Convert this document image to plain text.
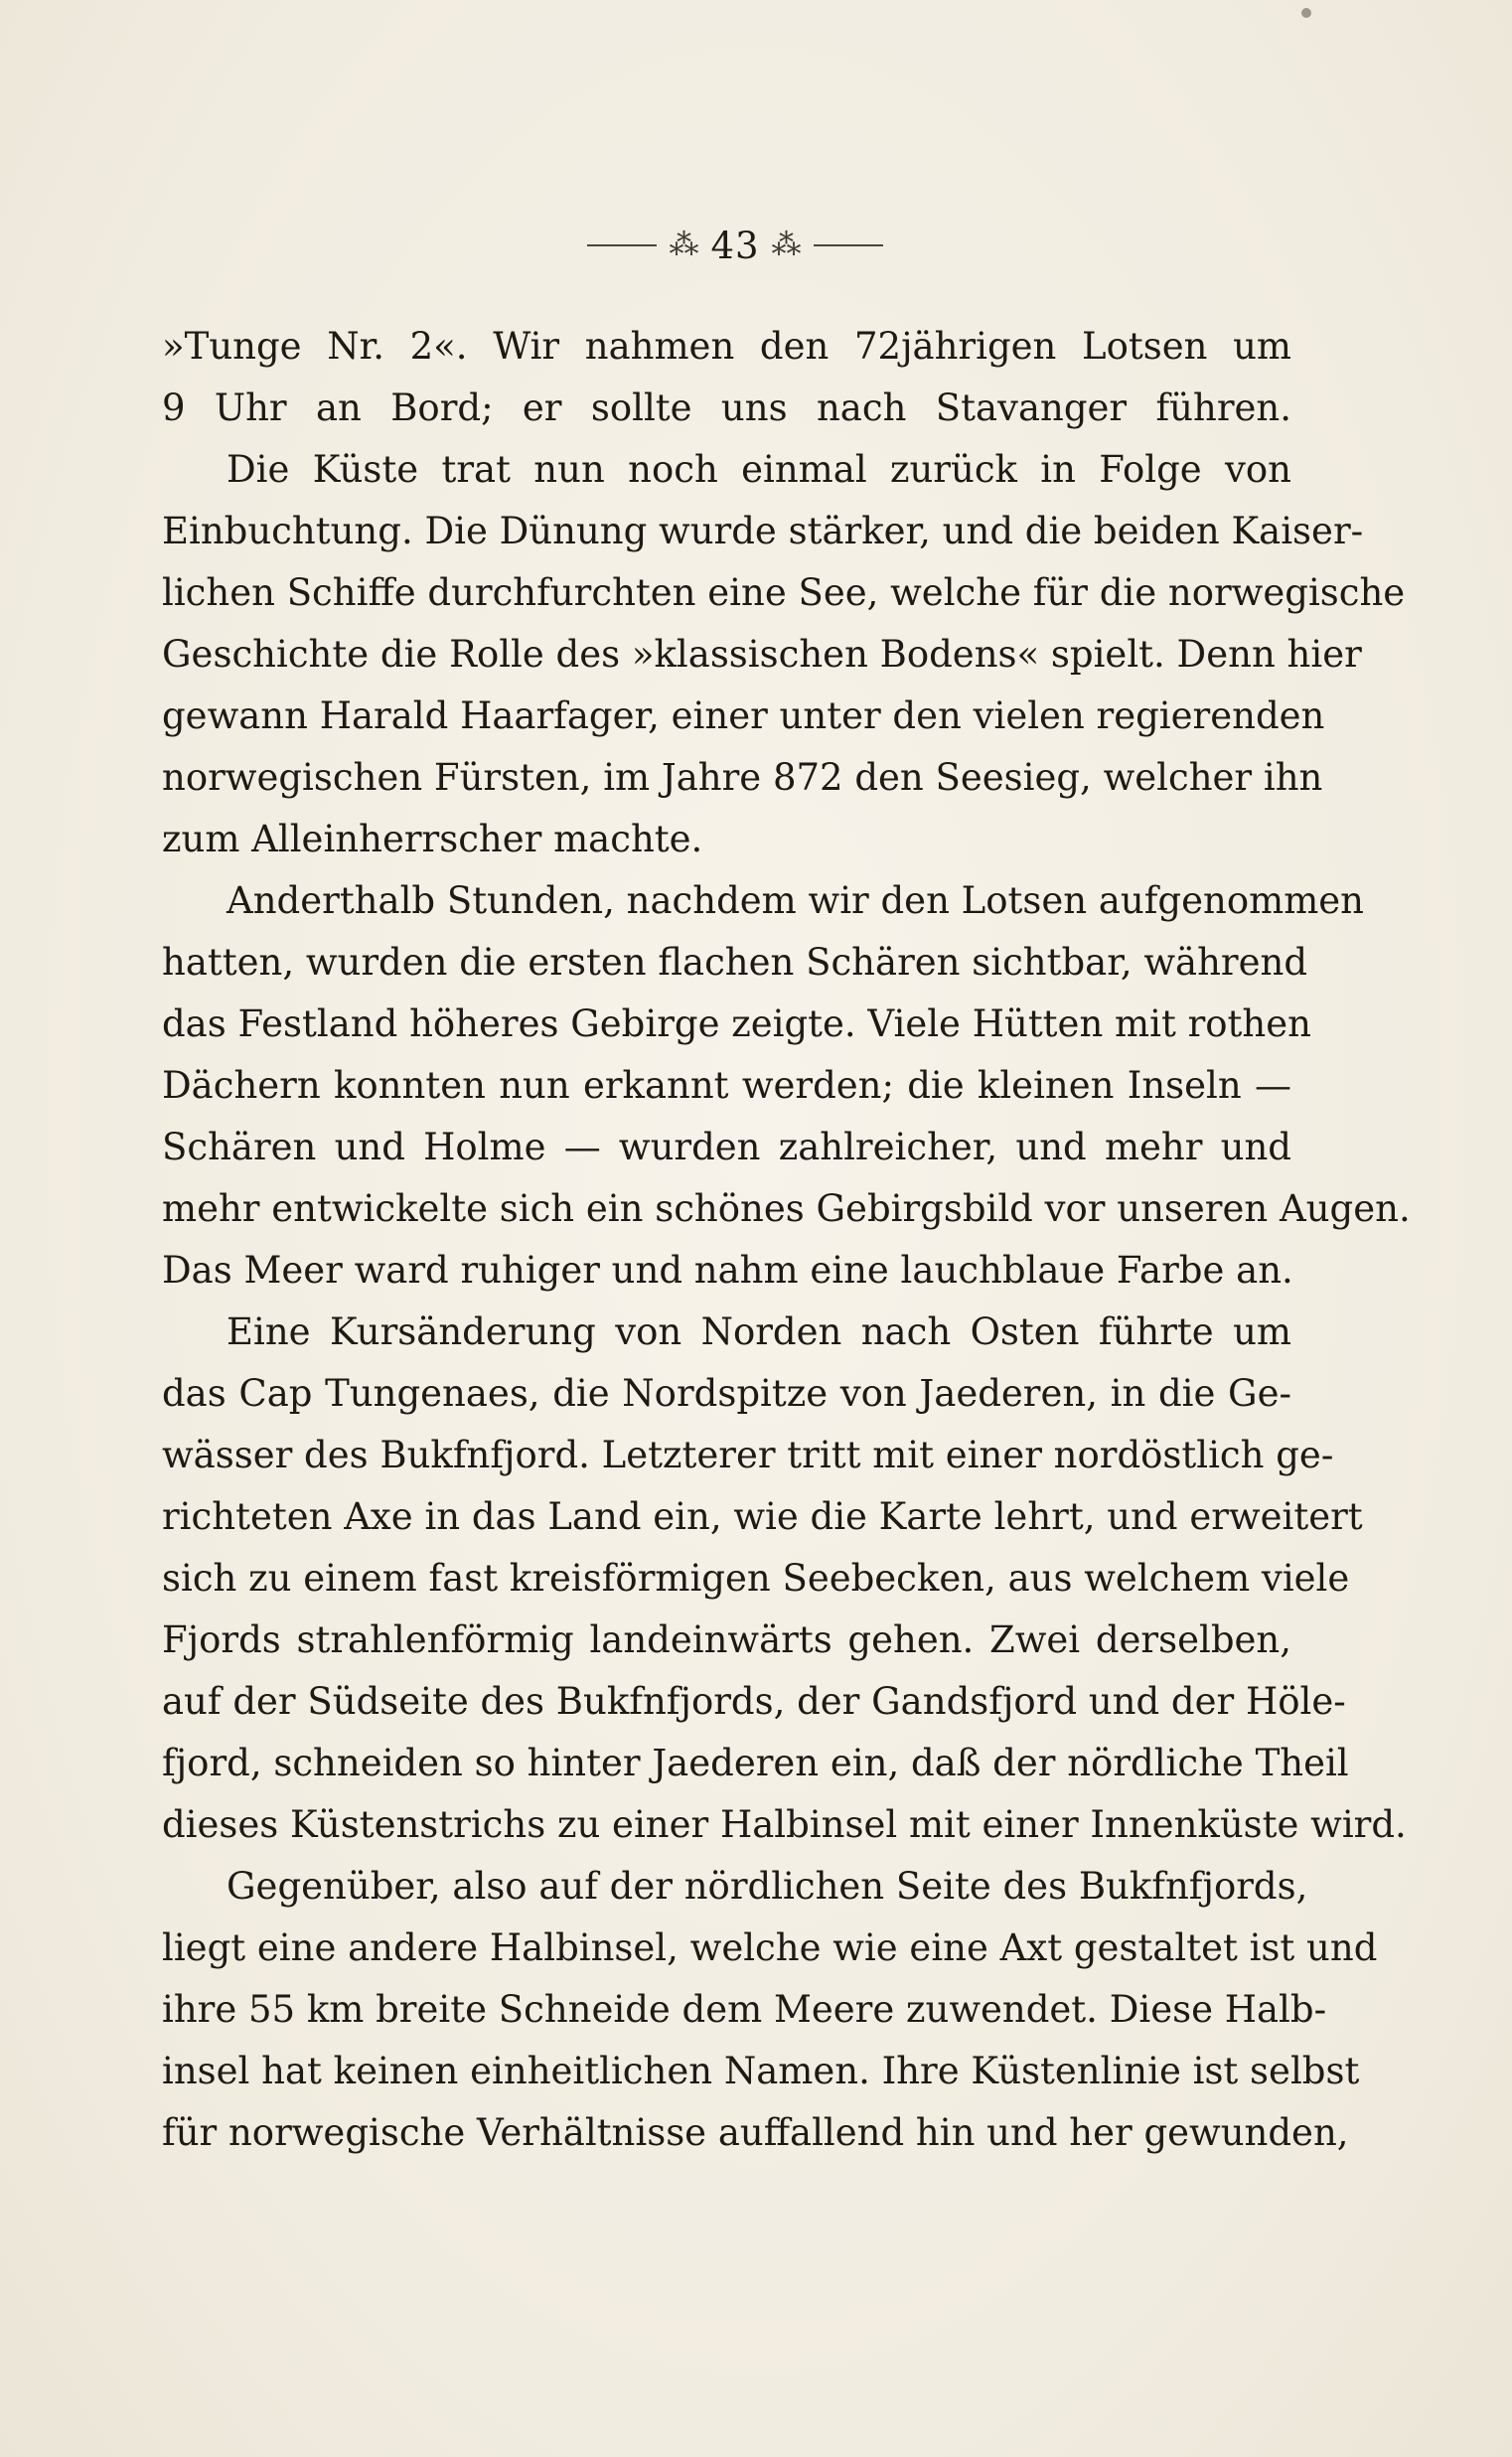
⁂ 43 ⁂
»Tunge Nr. 2«. Wir nahmen den 72jährigen Lotsen um
9 Uhr an Bord; er sollte uns nach Stavanger führen.
Die Küste trat nun noch einmal zurück in Folge von
Einbuchtung. Die Dünung wurde stärker, und die beiden Kaiser-
lichen Schiffe durchfurchten eine See, welche für die norwegische
Geschichte die Rolle des »klassischen Bodens« spielt. Denn hier
gewann Harald Haarfager, einer unter den vielen regierenden
norwegischen Fürsten, im Jahre 872 den Seesieg, welcher ihn
zum Alleinherrscher machte.
Anderthalb Stunden, nachdem wir den Lotsen aufgenommen
hatten, wurden die ersten flachen Schären sichtbar, während
das Festland höheres Gebirge zeigte. Viele Hütten mit rothen
Dächern konnten nun erkannt werden; die kleinen Inseln —
Schären und Holme — wurden zahlreicher, und mehr und
mehr entwickelte sich ein schönes Gebirgsbild vor unseren Augen.
Das Meer ward ruhiger und nahm eine lauchblaue Farbe an.
Eine Kursänderung von Norden nach Osten führte um
das Cap Tungenaes, die Nordspitze von Jaederen, in die Ge-
wässer des Bukfnfjord. Letzterer tritt mit einer nordöstlich ge-
richteten Axe in das Land ein, wie die Karte lehrt, und erweitert
sich zu einem fast kreisförmigen Seebecken, aus welchem viele
Fjords strahlenförmig landeinwärts gehen. Zwei derselben,
auf der Südseite des Bukfnfjords, der Gandsfjord und der Höle-
fjord, schneiden so hinter Jaederen ein, daß der nördliche Theil
dieses Küstenstrichs zu einer Halbinsel mit einer Innenküste wird.
Gegenüber, also auf der nördlichen Seite des Bukfnfjords,
liegt eine andere Halbinsel, welche wie eine Axt gestaltet ist und
ihre 55 km breite Schneide dem Meere zuwendet. Diese Halb-
insel hat keinen einheitlichen Namen. Ihre Küstenlinie ist selbst
für norwegische Verhältnisse auffallend hin und her gewunden,
